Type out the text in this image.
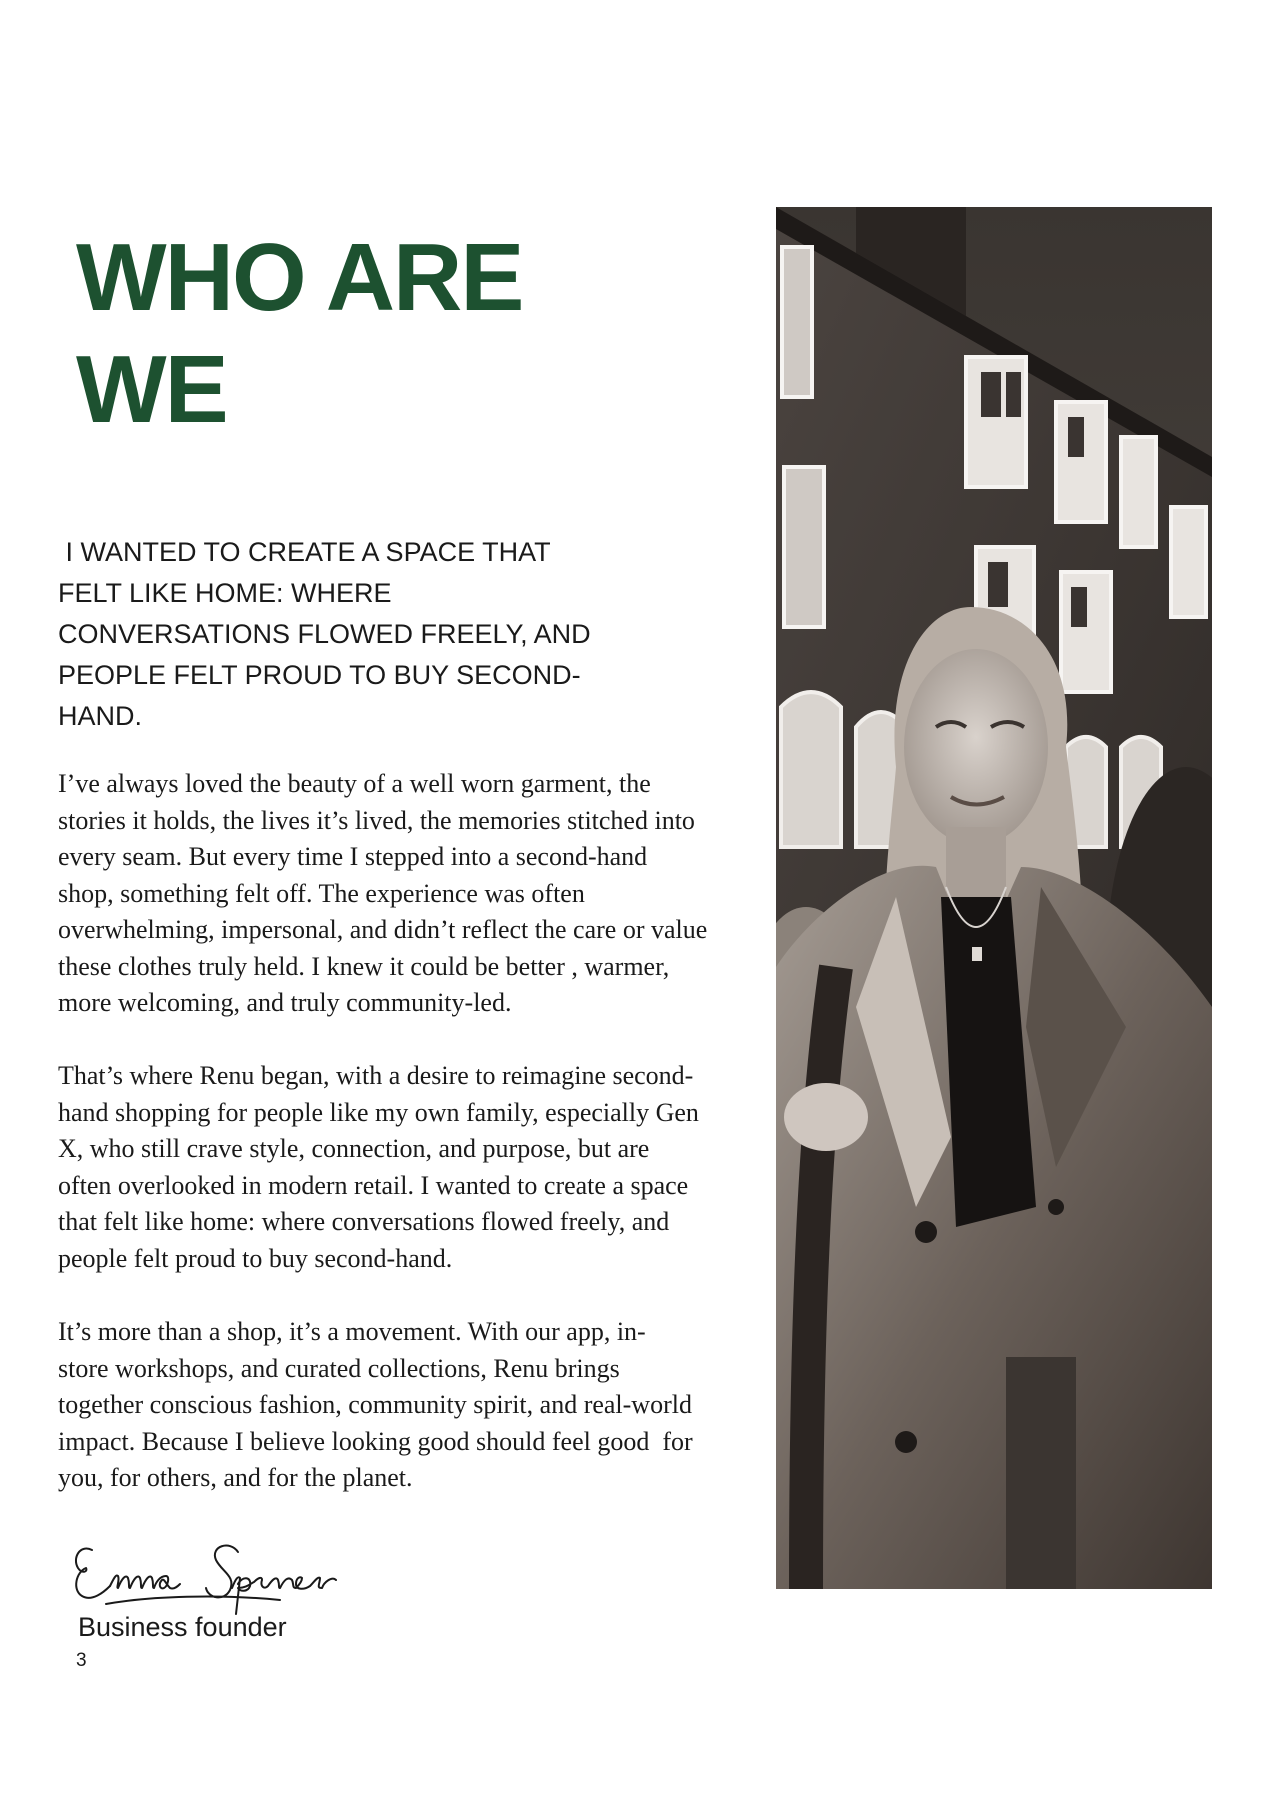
WHO ARE
WE

I WANTED TO CREATE A SPACE THAT
FELT LIKE HOME: WHERE
CONVERSATIONS FLOWED FREELY, AND
PEOPLE FELT PROUD TO BUY SECOND-
HAND.

I’ve always loved the beauty of a well worn garment, the
stories it holds, the lives it’s lived, the memories stitched into
every seam. But every time I stepped into a second-hand
shop, something felt off. The experience was often
overwhelming, impersonal, and didn’t reflect the care or value
these clothes truly held. I knew it could be better , warmer,
more welcoming, and truly community-led.

That’s where Renu began, with a desire to reimagine second-
hand shopping for people like my own family, especially Gen
X, who still crave style, connection, and purpose, but are
often overlooked in modern retail. I wanted to create a space
that felt like home: where conversations flowed freely, and
people felt proud to buy second-hand.

It’s more than a shop, it’s a movement. With our app, in-
store workshops, and curated collections, Renu brings
together conscious fashion, community spirit, and real-world
impact. Because I believe looking good should feel good  for
you, for others, and for the planet.

Business founder

3
